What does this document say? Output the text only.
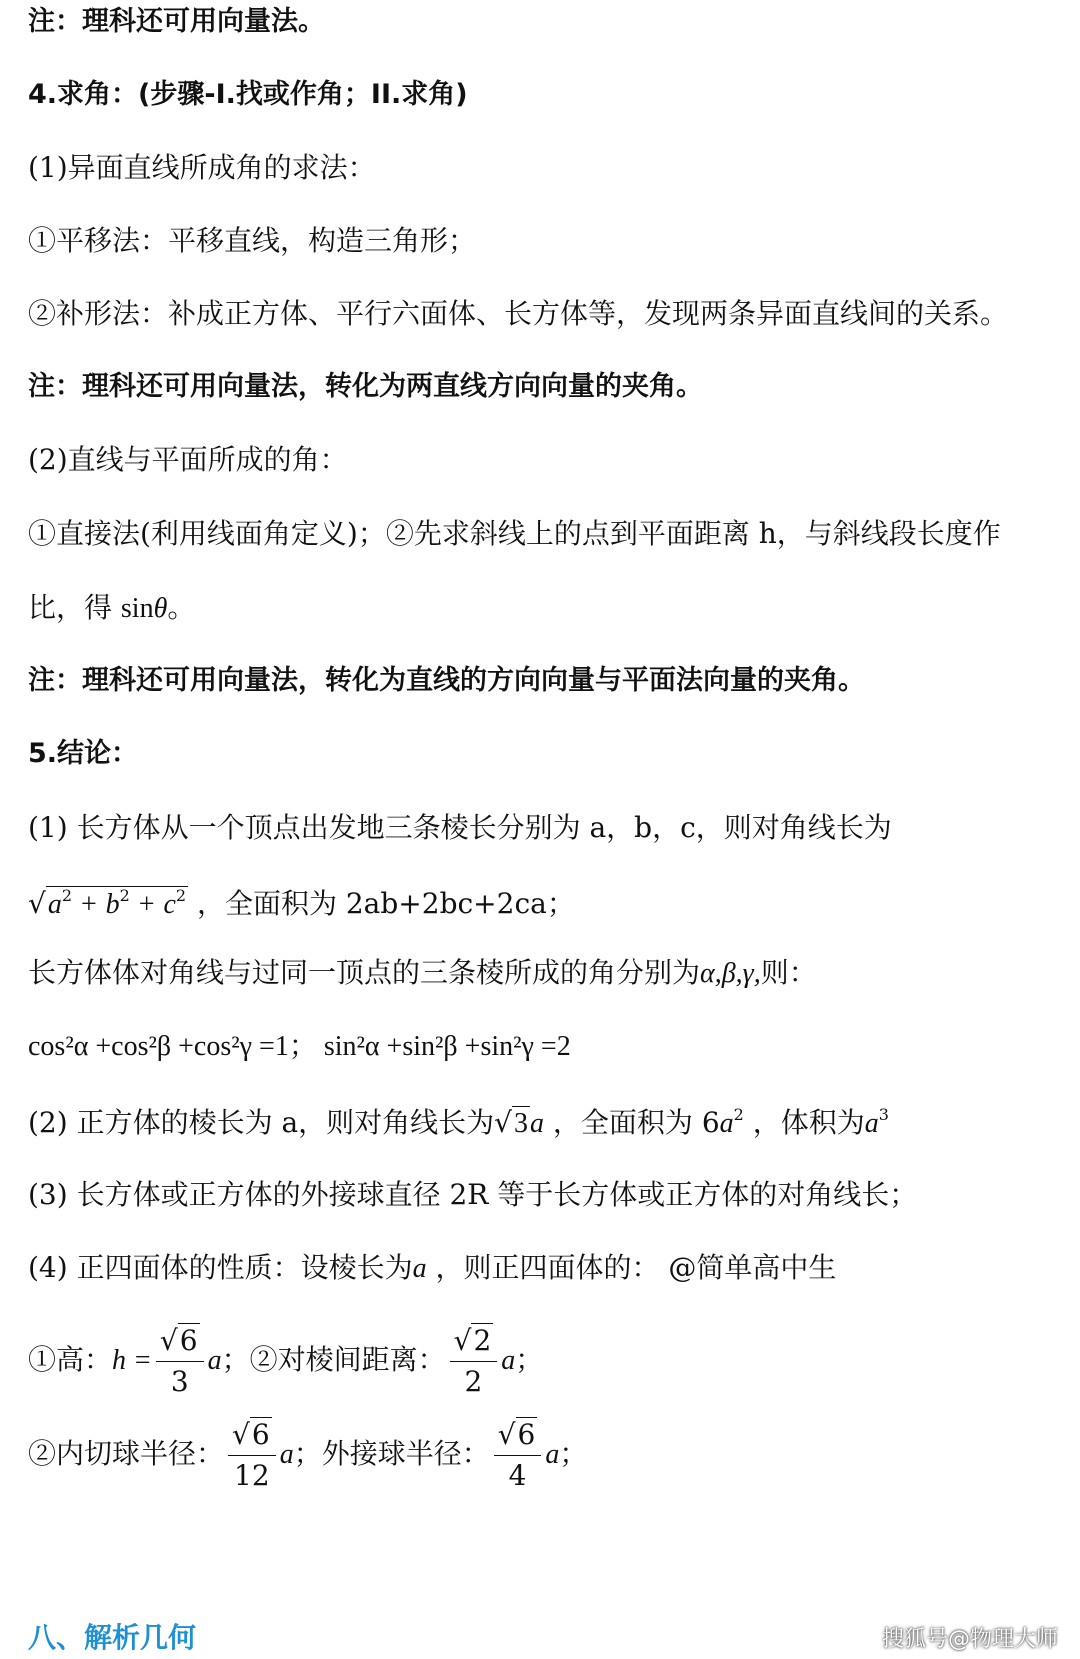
注：理科还可用向量法。
4.求角：(步骤-I.找或作角；II.求角)
(1)异面直线所成角的求法：
①平移法：平移直线，构造三角形；
②补形法：补成正方体、平行六面体、长方体等，发现两条异面直线间的关系。
注：理科还可用向量法，转化为两直线方向向量的夹角。
(2)直线与平面所成的角：
①直接法(利用线面角定义)；②先求斜线上的点到平面距离 h，与斜线段长度作
比，得 sinθ。
注：理科还可用向量法，转化为直线的方向向量与平面法向量的夹角。
5.结论：
(1) 长方体从一个顶点出发地三条棱长分别为 a，b，c，则对角线长为
$√a^2 + b^2 + c^2$ ，全面积为 2ab+2bc+2ca；
长方体体对角线与过同一顶点的三条棱所成的角分别为α,β,γ,则：
cos²α +cos²β +cos²γ =1； sin²α +sin²β +sin²γ =2
(2) 正方体的棱长为 a，则对角线长为√3a ，全面积为 $6a^2$ ，体积为$a^3$
(3) 长方体或正方体的外接球直径 2R 等于长方体或正方体的对角线长；
(4) 正四面体的性质：设棱长为a ，则正四面体的： @简单高中生
①高：$h = \frac{√6}{3}$ a；②对棱间距离： $\frac{√2}{2}$ a；
②内切球半径： $\frac{√6}{12}$ a；外接球半径： $\frac{√6}{4}$ a；
八、解析几何	搜狐号@物理大师
